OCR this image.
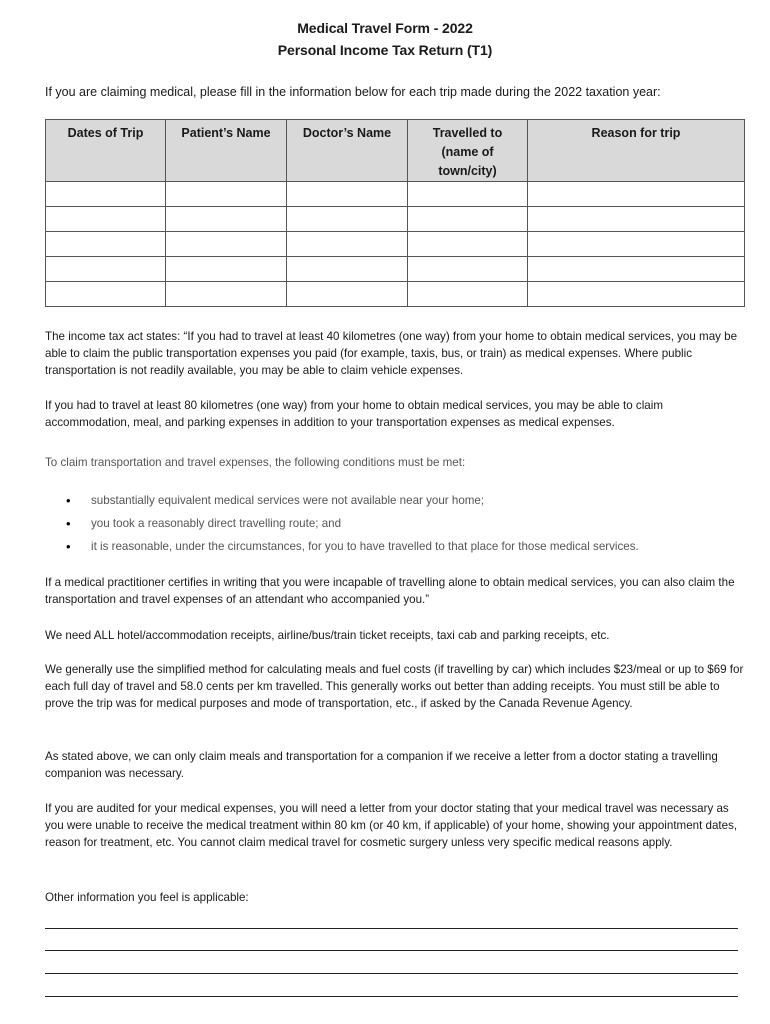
Medical Travel Form - 2022
Personal Income Tax Return (T1)
If you are claiming medical, please fill in the information below for each trip made during the 2022 taxation year:
Dates of Trip	Patient’s Name	Doctor’s Name	Travelled to (name of town/city)	Reason for trip

The income tax act states: “If you had to travel at least 40 kilometres (one way) from your home to obtain medical services, you may be able to claim the public transportation expenses you paid (for example, taxis, bus, or train) as medical expenses. Where public transportation is not readily available, you may be able to claim vehicle expenses.
If you had to travel at least 80 kilometres (one way) from your home to obtain medical services, you may be able to claim accommodation, meal, and parking expenses in addition to your transportation expenses as medical expenses.
To claim transportation and travel expenses, the following conditions must be met:
• substantially equivalent medical services were not available near your home;
• you took a reasonably direct travelling route; and
• it is reasonable, under the circumstances, for you to have travelled to that place for those medical services.
If a medical practitioner certifies in writing that you were incapable of travelling alone to obtain medical services, you can also claim the transportation and travel expenses of an attendant who accompanied you.”
We need ALL hotel/accommodation receipts, airline/bus/train ticket receipts, taxi cab and parking receipts, etc.
We generally use the simplified method for calculating meals and fuel costs (if travelling by car) which includes $23/meal or up to $69 for each full day of travel and 58.0 cents per km travelled. This generally works out better than adding receipts. You must still be able to prove the trip was for medical purposes and mode of transportation, etc., if asked by the Canada Revenue Agency.
As stated above, we can only claim meals and transportation for a companion if we receive a letter from a doctor stating a travelling companion was necessary.
If you are audited for your medical expenses, you will need a letter from your doctor stating that your medical travel was necessary as you were unable to receive the medical treatment within 80 km (or 40 km, if applicable) of your home, showing your appointment dates, reason for treatment, etc. You cannot claim medical travel for cosmetic surgery unless very specific medical reasons apply.
Other information you feel is applicable:
